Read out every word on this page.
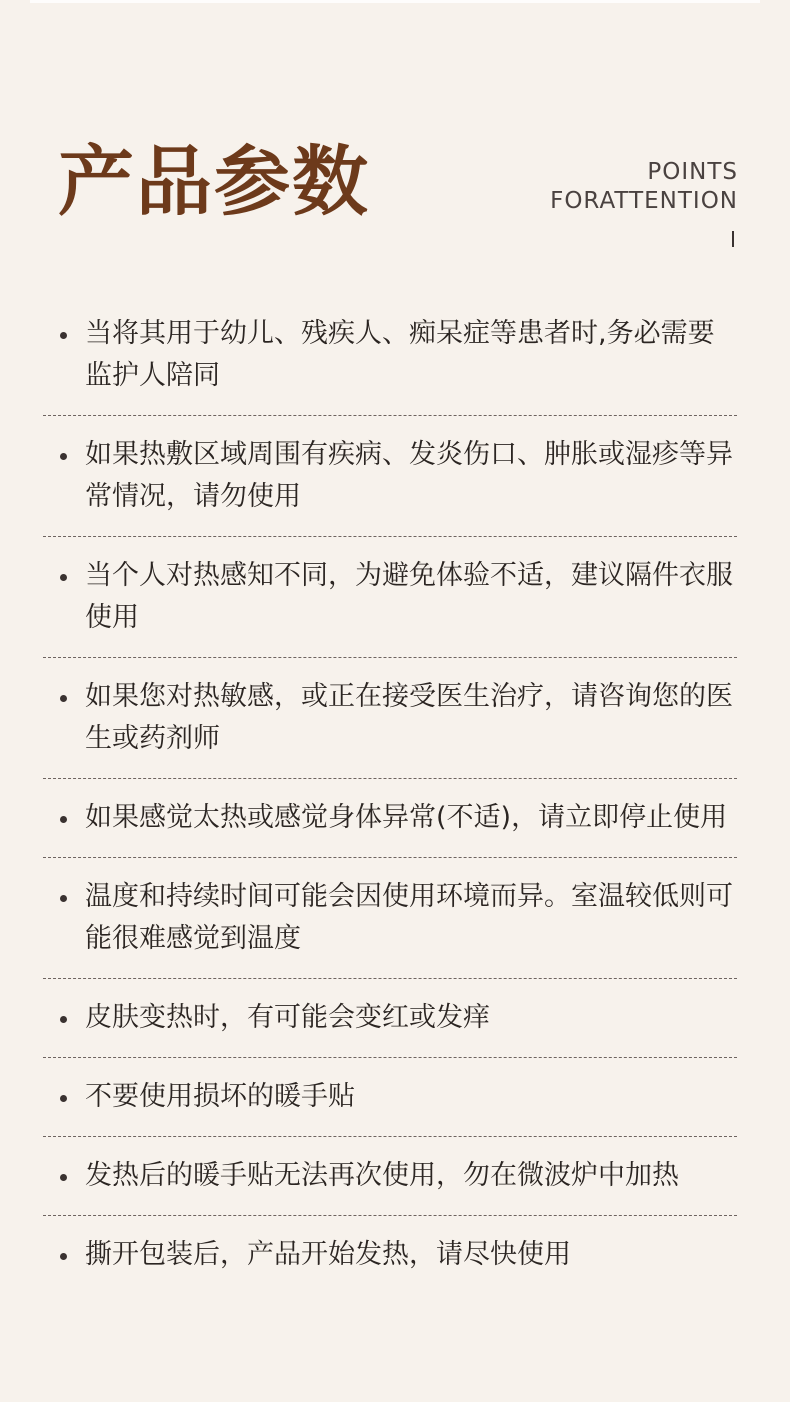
产品参数	POINTS
FORATTENTION
当将其用于幼儿、残疾人、痴呆症等患者时,务必需要监护人陪同
如果热敷区域周围有疾病、发炎伤口、肿胀或湿疹等异常情况，请勿使用
当个人对热感知不同，为避免体验不适，建议隔件衣服使用
如果您对热敏感，或正在接受医生治疗，请咨询您的医生或药剂师
如果感觉太热或感觉身体异常(不适)，请立即停止使用
温度和持续时间可能会因使用环境而异。室温较低则可能很难感觉到温度
皮肤变热时，有可能会变红或发痒
不要使用损坏的暖手贴
发热后的暖手贴无法再次使用，勿在微波炉中加热
撕开包装后，产品开始发热，请尽快使用
